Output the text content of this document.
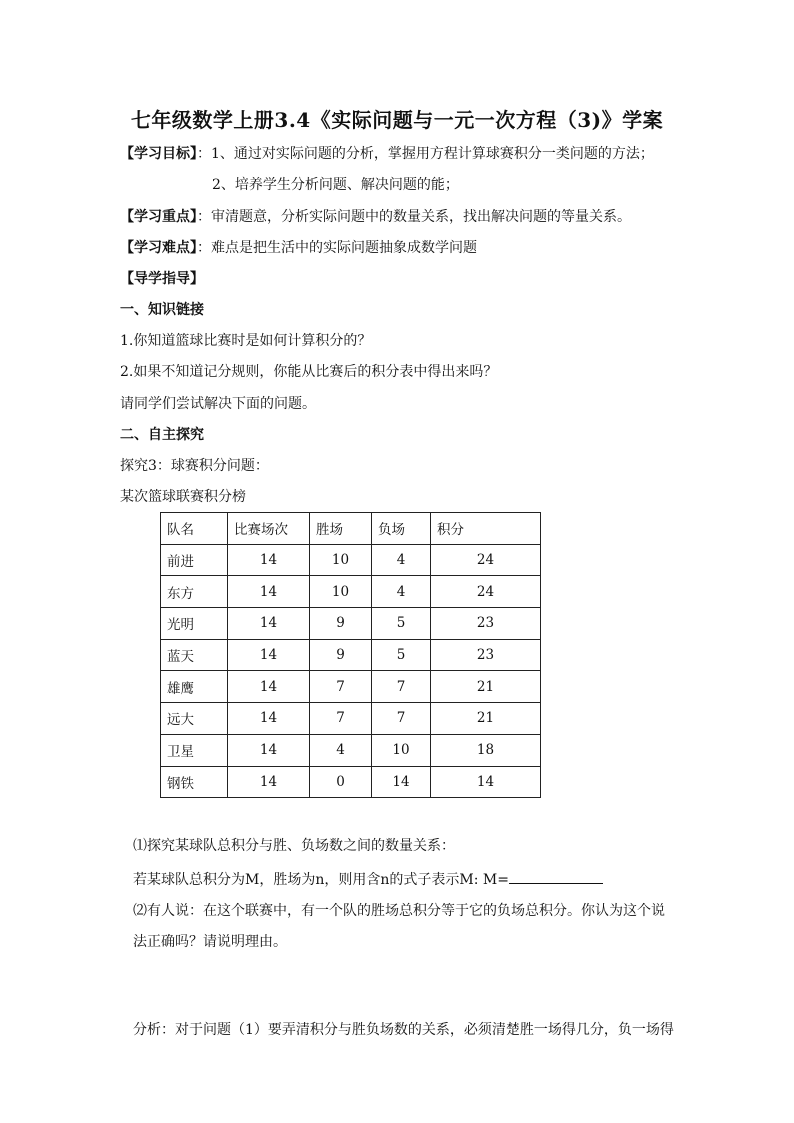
七年级数学上册3.4《实际问题与一元一次方程（3)》学案
【学习目标】：1、通过对实际问题的分析，掌握用方程计算球赛积分一类问题的方法；
2、培养学生分析问题、解决问题的能；
【学习重点】：审清题意，分析实际问题中的数量关系，找出解决问题的等量关系。
【学习难点】：难点是把生活中的实际问题抽象成数学问题
【导学指导】
一、知识链接
1.你知道篮球比赛时是如何计算积分的？
2.如果不知道记分规则，你能从比赛后的积分表中得出来吗？
请同学们尝试解决下面的问题。
二、自主探究
探究3：球赛积分问题：
某次篮球联赛积分榜
队名	比赛场次	胜场	负场	积分
前进	14	10	4	24
东方	14	10	4	24
光明	14	9	5	23
蓝天	14	9	5	23
雄鹰	14	7	7	21
远大	14	7	7	21
卫星	14	4	10	18
钢铁	14	0	14	14
⑴探究某球队总积分与胜、负场数之间的数量关系：
若某球队总积分为M，胜场为n，则用含n的式子表示M: M=
⑵有人说：在这个联赛中，有一个队的胜场总积分等于它的负场总积分。你认为这个说
法正确吗？请说明理由。
分析：对于问题（1）要弄清积分与胜负场数的关系，必须清楚胜一场得几分，负一场得
